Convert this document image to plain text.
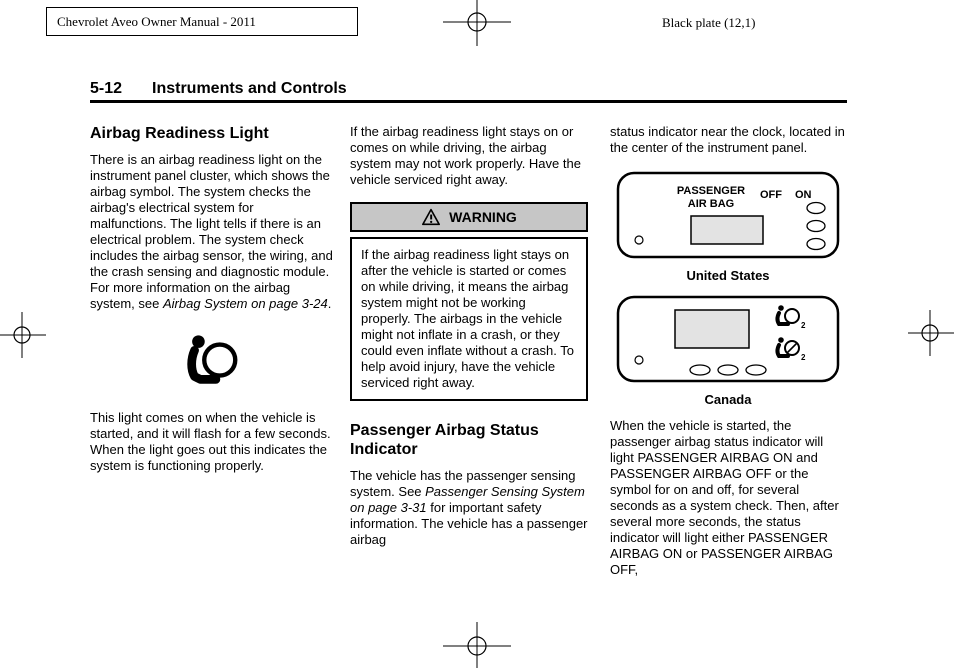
Chevrolet Aveo Owner Manual - 2011	Black plate (12,1)
5-12 Instruments and Controls
Airbag Readiness Light

There is an airbag readiness light on the instrument panel cluster, which shows the airbag symbol. The system checks the airbag's electrical system for malfunctions. The light tells if there is an electrical problem. The system check includes the airbag sensor, the wiring, and the crash sensing and diagnostic module. For more information on the airbag system, see Airbag System on page 3-24.

This light comes on when the vehicle is started, and it will flash for a few seconds. When the light goes out this indicates the system is functioning properly.

If the airbag readiness light stays on or comes on while driving, the airbag system may not work properly. Have the vehicle serviced right away.

WARNING
If the airbag readiness light stays on after the vehicle is started or comes on while driving, it means the airbag system might not be working properly. The airbags in the vehicle might not inflate in a crash, or they could even inflate without a crash. To help avoid injury, have the vehicle serviced right away.
Passenger Airbag Status Indicator

The vehicle has the passenger sensing system. See Passenger Sensing System on page 3-31 for important safety information. The vehicle has a passenger airbag

status indicator near the clock, located in the center of the instrument panel.

PASSENGER
AIR BAG
OFF ON
United States
2
2
Canada

When the vehicle is started, the passenger airbag status indicator will light PASSENGER AIRBAG ON and PASSENGER AIRBAG OFF or the symbol for on and off, for several seconds as a system check. Then, after several more seconds, the status indicator will light either PASSENGER AIRBAG ON or PASSENGER AIRBAG OFF,
